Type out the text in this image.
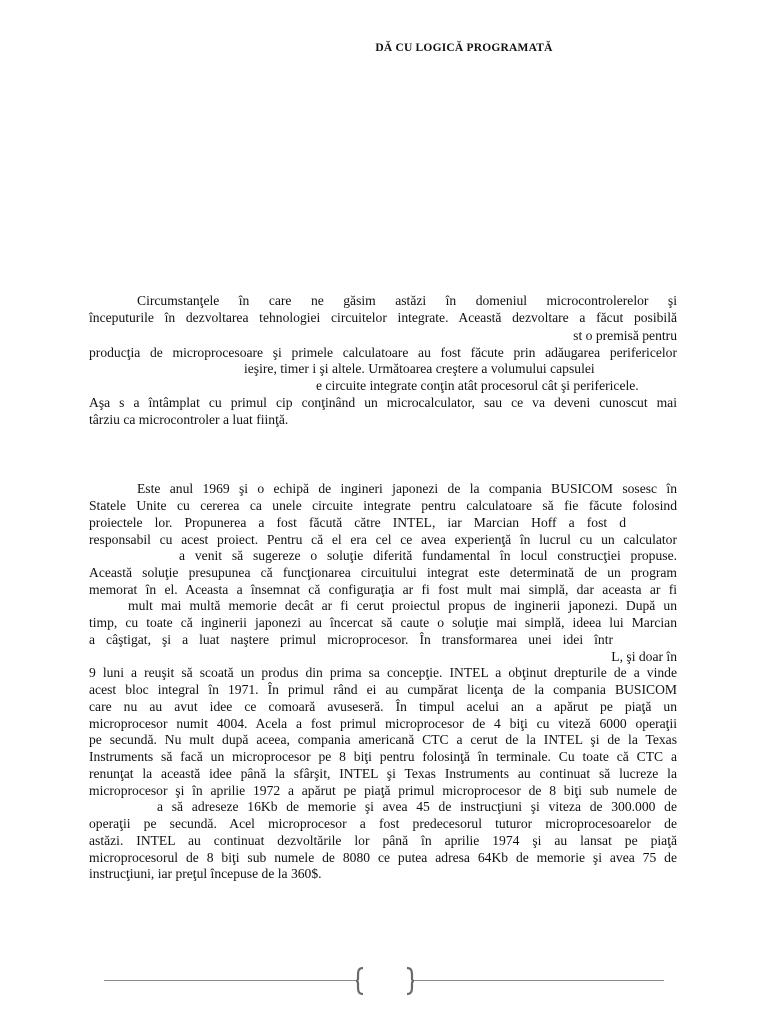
DĂ CU LOGICĂ PROGRAMATĂ
Circumstanţele în care ne găsim astăzi în domeniul microcontrolerelor şi
începuturile în dezvoltarea tehnologiei circuitelor integrate. Această dezvoltare a făcut posibilă
st o premisă pentru
producţia de microprocesoare şi primele calculatoare au fost făcute prin adăugarea perifericelor
ieşire, timer i şi altele. Următoarea creştere a volumului capsulei
e circuite integrate conţin atât procesorul cât şi perifericele.
Aşa s a întâmplat cu primul cip conţinând un microcalculator, sau ce va deveni cunoscut mai
târziu ca microcontroler a luat fiinţă.
Este anul 1969 şi o echipă de ingineri japonezi de la compania BUSICOM sosesc în
Statele Unite cu cererea ca unele circuite integrate pentru calculatoare să fie făcute folosind
proiectele lor. Propunerea a fost făcută către INTEL, iar Marcian Hoff a fost d
responsabil cu acest proiect. Pentru că el era cel ce avea experienţă în lucrul cu un calculator
a venit să sugereze o soluţie diferită fundamental în locul construcţiei propuse.
Această soluţie presupunea că funcţionarea circuitului integrat este determinată de un program
memorat în el. Aceasta a însemnat că configuraţia ar fi fost mult mai simplă, dar aceasta ar fi
mult mai multă memorie decât ar fi cerut proiectul propus de inginerii japonezi. După un
timp, cu toate că inginerii japonezi au încercat să caute o soluţie mai simplă, ideea lui Marcian
a câştigat, şi a luat naştere primul microprocesor. În transformarea unei idei într
L, şi doar în
9 luni a reuşit să scoată un produs din prima sa concepţie. INTEL a obţinut drepturile de a vinde
acest bloc integral în 1971. În primul rând ei au cumpărat licenţa de la compania BUSICOM
care nu au avut idee ce comoară avuseseră. În timpul acelui an a apărut pe piaţă un
microprocesor numit 4004. Acela a fost primul microprocesor de 4 biţi cu viteză 6000 operaţii
pe secundă. Nu mult după aceea, compania americană CTC a cerut de la INTEL şi de la Texas
Instruments să facă un microprocesor pe 8 biţi pentru folosinţă în terminale. Cu toate că CTC a
renunţat la această idee până la sfârşit, INTEL şi Texas Instruments au continuat să lucreze la
microprocesor şi în aprilie 1972 a apărut pe piaţă primul microprocesor de 8 biţi sub numele de
a să adreseze 16Kb de memorie şi avea 45 de instrucţiuni şi viteza de 300.000 de
operaţii pe secundă. Acel microprocesor a fost predecesorul tuturor microprocesoarelor de
astăzi. INTEL au continuat dezvoltările lor până în aprilie 1974 şi au lansat pe piaţă
microprocesorul de 8 biţi sub numele de 8080 ce putea adresa 64Kb de memorie şi avea 75 de
instrucţiuni, iar preţul începuse de la 360$.
